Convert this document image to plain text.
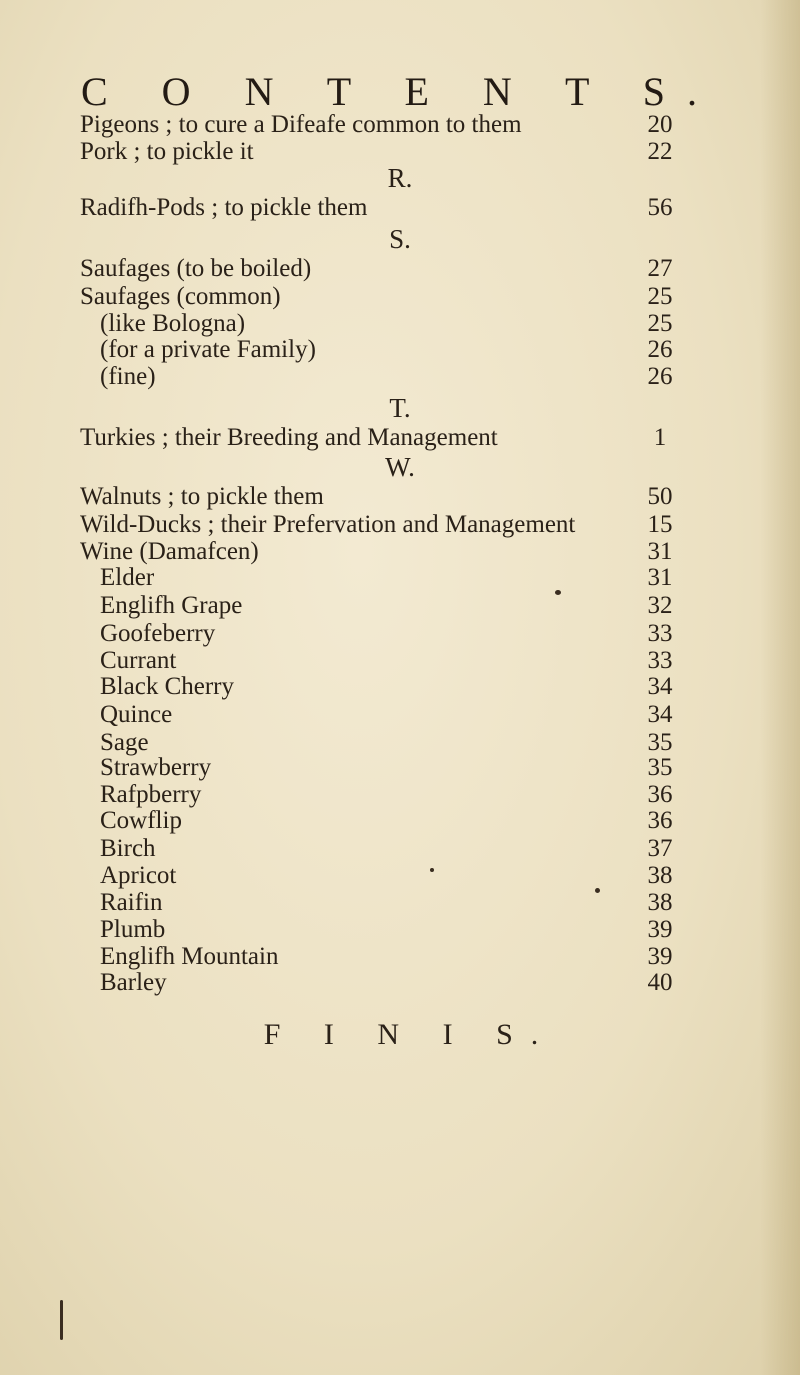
C O N T E N T S.
Pigeons ; to cure a Difeafe common to them	20
Pork ; to pickle it	22
R.
Radifh-Pods ; to pickle them	56
S.
Saufages (to be boiled)	27
Saufages (common)	25
(like Bologna)	25
(for a private Family)	26
(fine)	26
T.
Turkies ; their Breeding and Management	1
W.
Walnuts ; to pickle them	50
Wild-Ducks ; their Prefervation and Management	15
Wine (Damafcen)	31
Elder	31
Englifh Grape	32
Goofeberry	33
Currant	33
Black Cherry	34
Quince	34
Sage	35
Strawberry	35
Rafpberry	36
Cowflip	36
Birch	37
Apricot	38
Raifin	38
Plumb	39
Englifh Mountain	39
Barley	40
F I N I S.
